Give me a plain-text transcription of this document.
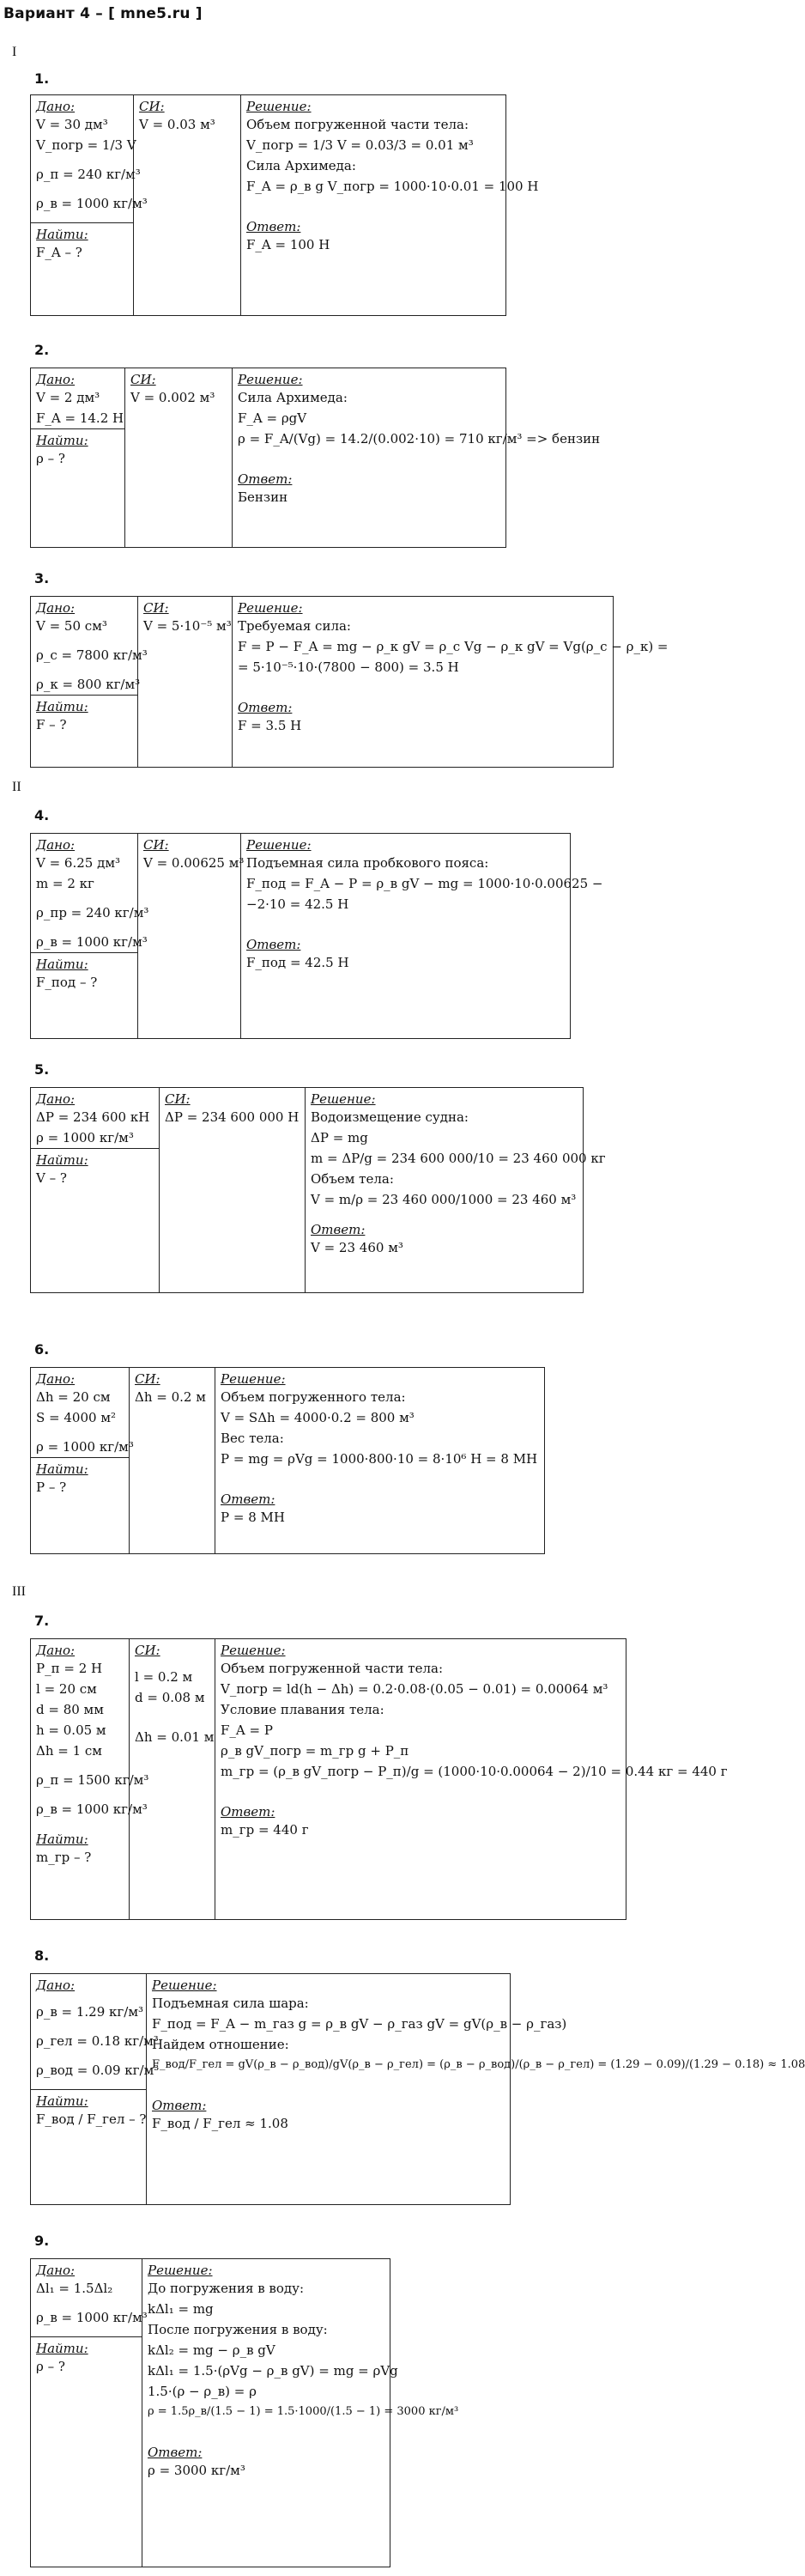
Вариант 4 – [ mne5.ru ]
I
II
III
1.
Дано:
V = 30 дм³
V_погр = 1/3 V
ρ_п = 240 кг/м³
ρ_в = 1000 кг/м³
Найти:
F_A – ?
СИ:
V = 0.03 м³
Решение:
Объем погруженной части тела:
V_погр = 1/3 V = 0.03/3 = 0.01 м³
Сила Архимеда:
F_A = ρ_в g V_погр = 1000·10·0.01 = 100 Н
Ответ:
F_A = 100 Н
2.
Дано:
V = 2 дм³
F_A = 14.2 Н
Найти:
ρ – ?
СИ:
V = 0.002 м³
Решение:
Сила Архимеда:
F_A = ρgV
ρ = F_A/(Vg) = 14.2/(0.002·10) = 710 кг/м³ => бензин
Ответ:
Бензин
3.
Дано:
V = 50 см³
ρ_с = 7800 кг/м³
ρ_к = 800 кг/м³
Найти:
F – ?
СИ:
V = 5·10⁻⁵ м³
Решение:
Требуемая сила:
F = P − F_A = mg − ρ_к gV = ρ_с Vg − ρ_к gV = Vg(ρ_с − ρ_к) =
= 5·10⁻⁵·10·(7800 − 800) = 3.5 Н
Ответ:
F = 3.5 Н
4.
Дано:
V = 6.25 дм³
m = 2 кг
ρ_пр = 240 кг/м³
ρ_в = 1000 кг/м³
Найти:
F_под – ?
СИ:
V = 0.00625 м³
Решение:
Подъемная сила пробкового пояса:
F_под = F_A − P = ρ_в gV − mg = 1000·10·0.00625 −
−2·10 = 42.5 Н
Ответ:
F_под = 42.5 Н
5.
Дано:
ΔP = 234 600 кН
ρ = 1000 кг/м³
Найти:
V – ?
СИ:
ΔP = 234 600 000 Н
Решение:
Водоизмещение судна:
ΔP = mg
m = ΔP/g = 234 600 000/10 = 23 460 000 кг
Объем тела:
V = m/ρ = 23 460 000/1000 = 23 460 м³
Ответ:
V = 23 460 м³
6.
Дано:
Δh = 20 см
S = 4000 м²
ρ = 1000 кг/м³
Найти:
P – ?
СИ:
Δh = 0.2 м
Решение:
Объем погруженного тела:
V = SΔh = 4000·0.2 = 800 м³
Вес тела:
P = mg = ρVg = 1000·800·10 = 8·10⁶ Н = 8 МН
Ответ:
P = 8 МН
7.
Дано:
P_п = 2 Н
l = 20 см
d = 80 мм
h = 0.05 м
Δh = 1 см
ρ_п = 1500 кг/м³
ρ_в = 1000 кг/м³
Найти:
m_гр – ?
СИ:
l = 0.2 м
d = 0.08 м
Δh = 0.01 м
Решение:
Объем погруженной части тела:
V_погр = ld(h − Δh) = 0.2·0.08·(0.05 − 0.01) = 0.00064 м³
Условие плавания тела:
F_A = P
ρ_в gV_погр = m_гр g + P_п
m_гр = (ρ_в gV_погр − P_п)/g = (1000·10·0.00064 − 2)/10 = 0.44 кг = 440 г
Ответ:
m_гр = 440 г
8.
Дано:
ρ_в = 1.29 кг/м³
ρ_гел = 0.18 кг/м³
ρ_вод = 0.09 кг/м³
Найти:
F_вод / F_гел – ?
Решение:
Подъемная сила шара:
F_под = F_A − m_газ g = ρ_в gV − ρ_газ gV = gV(ρ_в − ρ_газ)
Найдем отношение:
F_вод/F_гел = gV(ρ_в − ρ_вод)/gV(ρ_в − ρ_гел) = (ρ_в − ρ_вод)/(ρ_в − ρ_гел) = (1.29 − 0.09)/(1.29 − 0.18) ≈ 1.08
Ответ:
F_вод / F_гел ≈ 1.08
9.
Дано:
Δl₁ = 1.5Δl₂
ρ_в = 1000 кг/м³
Найти:
ρ – ?
Решение:
До погружения в воду:
kΔl₁ = mg
После погружения в воду:
kΔl₂ = mg − ρ_в gV
kΔl₁ = 1.5·(ρVg − ρ_в gV) = mg = ρVg
1.5·(ρ − ρ_в) = ρ
ρ = 1.5ρ_в/(1.5 − 1) = 1.5·1000/(1.5 − 1) = 3000 кг/м³
Ответ:
ρ = 3000 кг/м³
